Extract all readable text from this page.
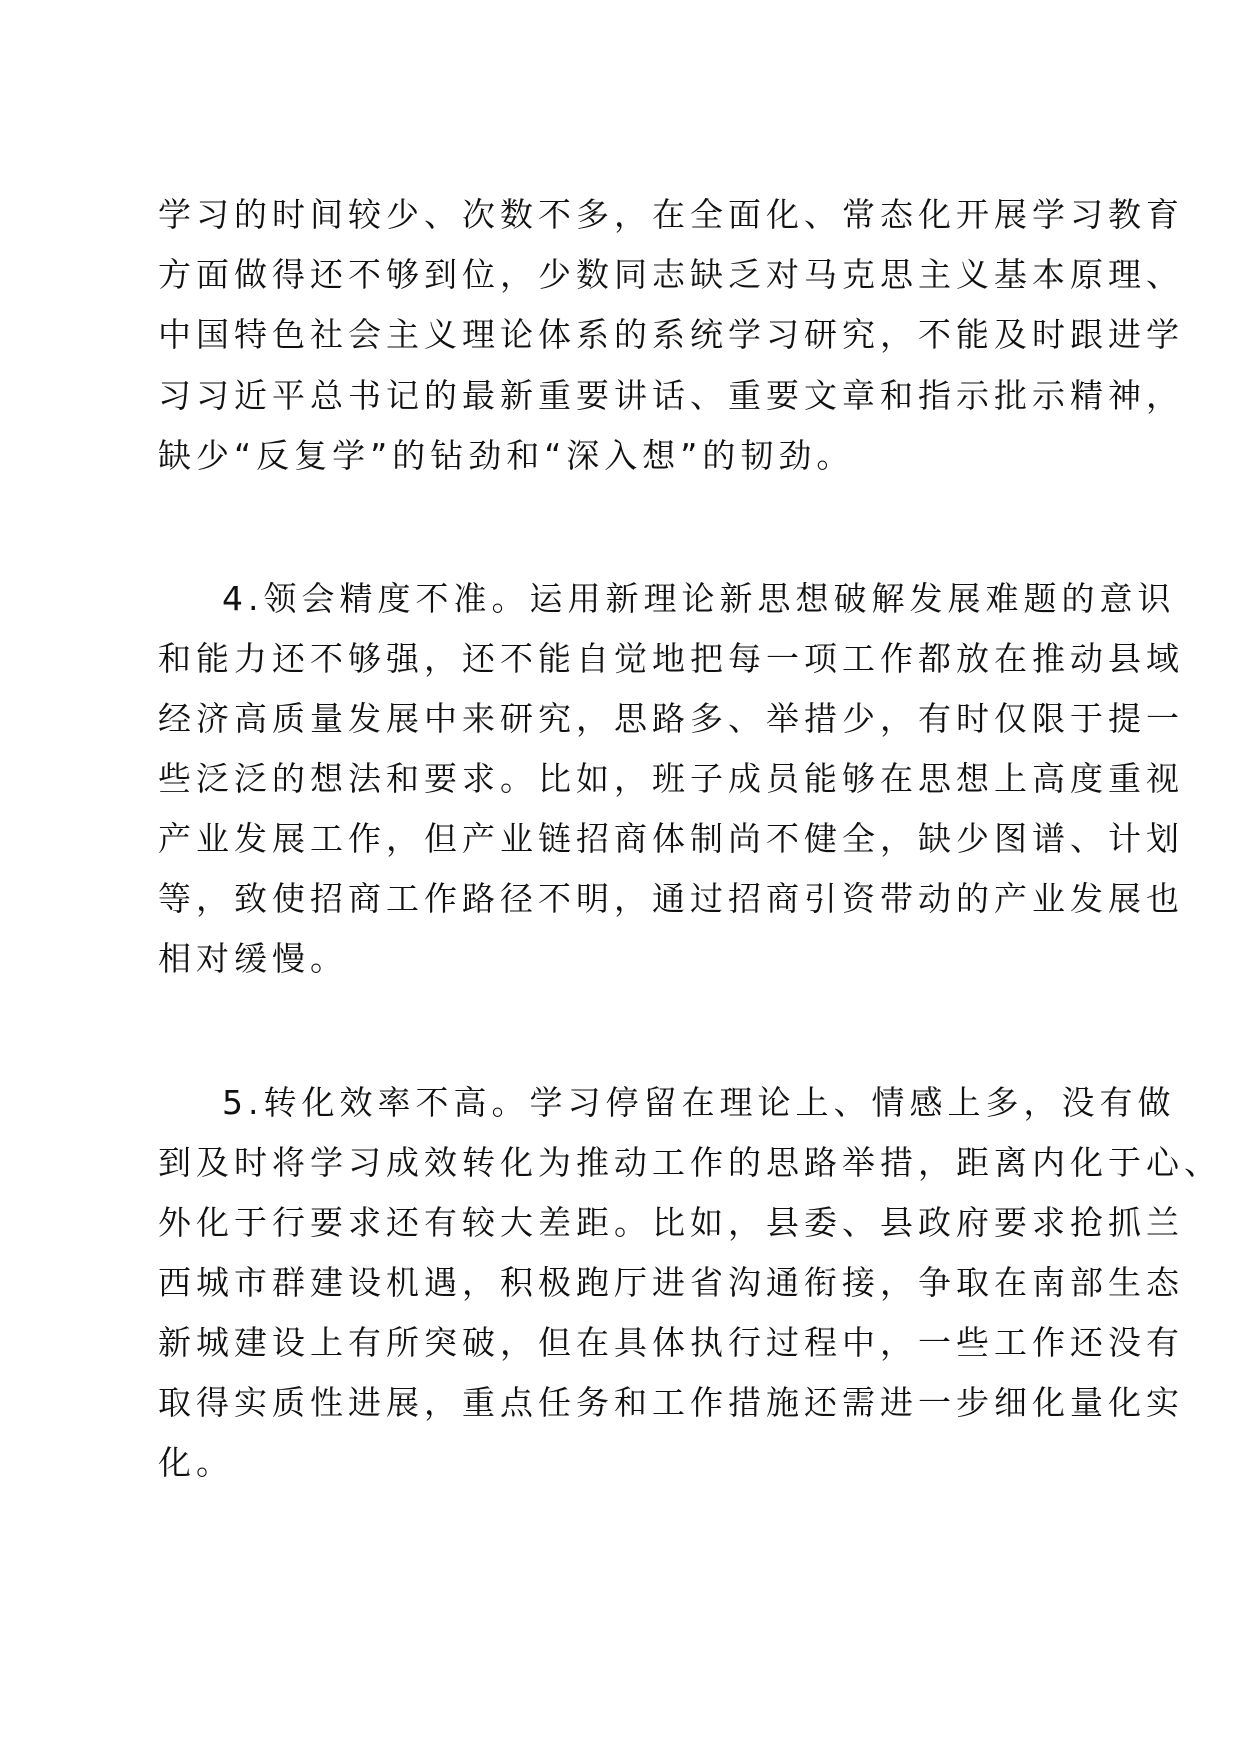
学习的时间较少、次数不多，在全面化、常态化开展学习教育
方面做得还不够到位，少数同志缺乏对马克思主义基本原理、
中国特色社会主义理论体系的系统学习研究，不能及时跟进学
习习近平总书记的最新重要讲话、重要文章和指示批示精神，
缺少“反复学”的钻劲和“深入想”的韧劲。
4.领会精度不准。运用新理论新思想破解发展难题的意识
和能力还不够强，还不能自觉地把每一项工作都放在推动县域
经济高质量发展中来研究，思路多、举措少，有时仅限于提一
些泛泛的想法和要求。比如，班子成员能够在思想上高度重视
产业发展工作，但产业链招商体制尚不健全，缺少图谱、计划
等，致使招商工作路径不明，通过招商引资带动的产业发展也
相对缓慢。
5.转化效率不高。学习停留在理论上、情感上多，没有做
到及时将学习成效转化为推动工作的思路举措，距离内化于心、
外化于行要求还有较大差距。比如，县委、县政府要求抢抓兰
西城市群建设机遇，积极跑厅进省沟通衔接，争取在南部生态
新城建设上有所突破，但在具体执行过程中，一些工作还没有
取得实质性进展，重点任务和工作措施还需进一步细化量化实
化。
